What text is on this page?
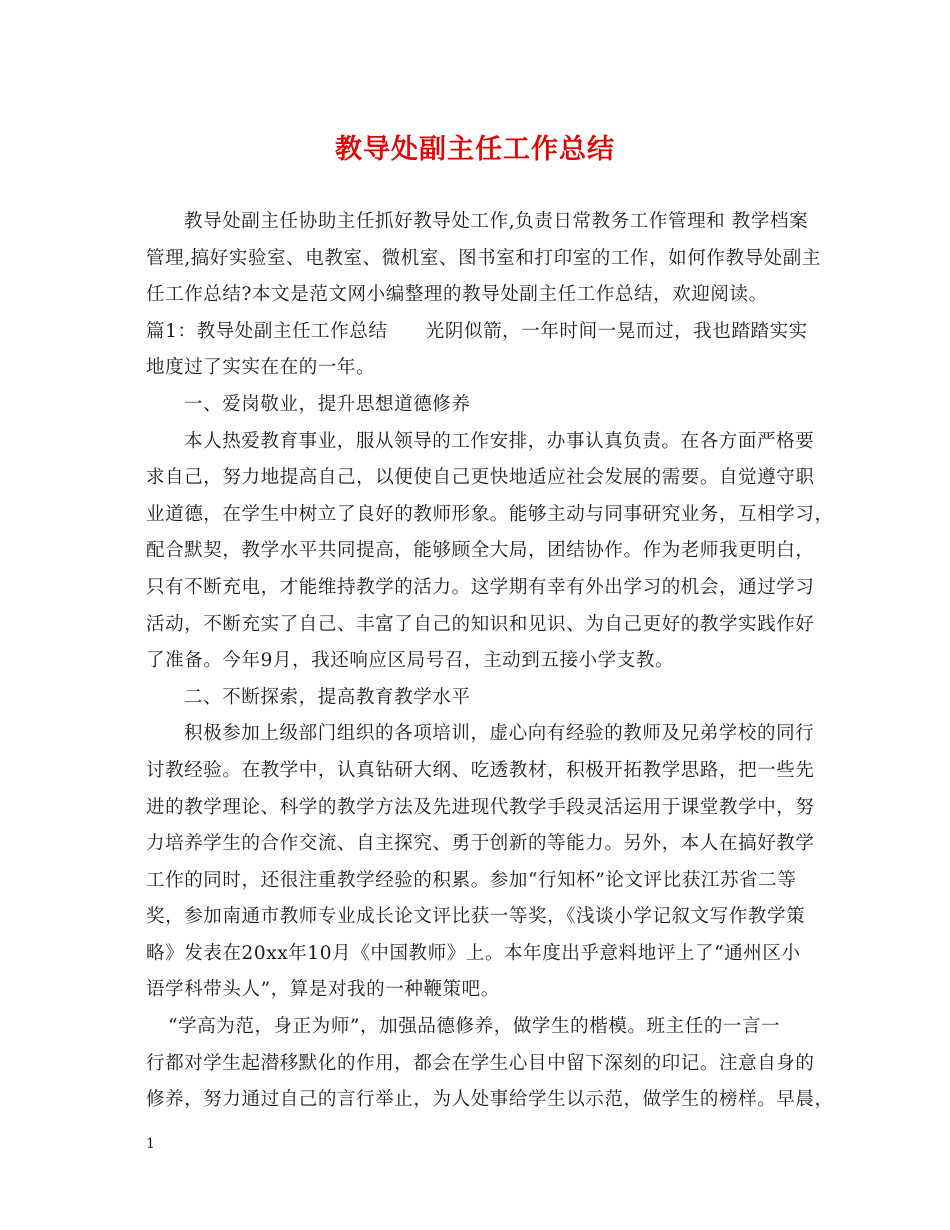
教导处副主任工作总结
教导处副主任协助主任抓好教导处工作,负责日常教务工作管理和 教学档案
管理,搞好实验室、电教室、微机室、图书室和打印室的工作，如何作教导处副主
任工作总结?本文是范文网小编整理的教导处副主任工作总结，欢迎阅读。
篇1：教导处副主任工作总结　　光阴似箭，一年时间一晃而过，我也踏踏实实
地度过了实实在在的一年。
一、爱岗敬业，提升思想道德修养
本人热爱教育事业，服从领导的工作安排，办事认真负责。在各方面严格要
求自己，努力地提高自己，以便使自己更快地适应社会发展的需要。自觉遵守职
业道德，在学生中树立了良好的教师形象。能够主动与同事研究业务，互相学习，
配合默契，教学水平共同提高，能够顾全大局，团结协作。作为老师我更明白，
只有不断充电，才能维持教学的活力。这学期有幸有外出学习的机会，通过学习
活动，不断充实了自己、丰富了自己的知识和见识、为自己更好的教学实践作好
了准备。今年9月，我还响应区局号召，主动到五接小学支教。
二、不断探索，提高教育教学水平
积极参加上级部门组织的各项培训，虚心向有经验的教师及兄弟学校的同行
讨教经验。在教学中，认真钻研大纲、吃透教材，积极开拓教学思路，把一些先
进的教学理论、科学的教学方法及先进现代教学手段灵活运用于课堂教学中，努
力培养学生的合作交流、自主探究、勇于创新的等能力。另外，本人在搞好教学
工作的同时，还很注重教学经验的积累。参加“行知杯”论文评比获江苏省二等
奖，参加南通市教师专业成长论文评比获一等奖，《浅谈小学记叙文写作教学策
略》发表在20xx年10月《中国教师》上。本年度出乎意料地评上了“通州区小
语学科带头人”，算是对我的一种鞭策吧。
“学高为范，身正为师”，加强品德修养，做学生的楷模。班主任的一言一
行都对学生起潜移默化的作用，都会在学生心目中留下深刻的印记。注意自身的
修养，努力通过自己的言行举止，为人处事给学生以示范，做学生的榜样。早晨，
1
